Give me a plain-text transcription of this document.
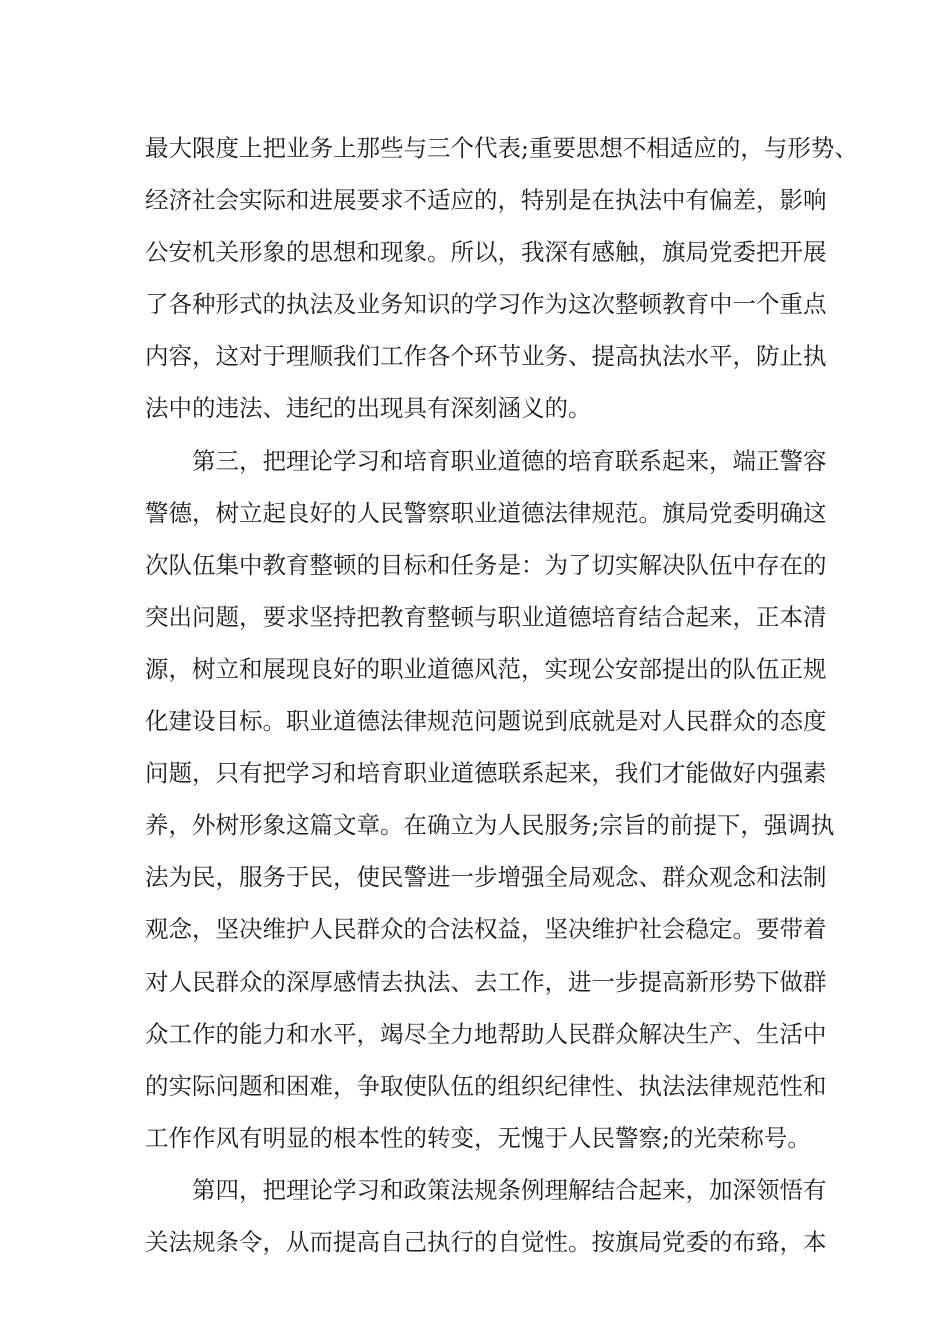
最大限度上把业务上那些与三个代表;重要思想不相适应的，与形势、
经济社会实际和进展要求不适应的，特别是在执法中有偏差，影响
公安机关形象的思想和现象。所以，我深有感触，旗局党委把开展
了各种形式的执法及业务知识的学习作为这次整顿教育中一个重点
内容，这对于理顺我们工作各个环节业务、提高执法水平，防止执
法中的违法、违纪的出现具有深刻涵义的。
第三，把理论学习和培育职业道德的培育联系起来，端正警容
警德，树立起良好的人民警察职业道德法律规范。旗局党委明确这
次队伍集中教育整顿的目标和任务是：为了切实解决队伍中存在的
突出问题，要求坚持把教育整顿与职业道德培育结合起来，正本清
源，树立和展现良好的职业道德风范，实现公安部提出的队伍正规
化建设目标。职业道德法律规范问题说到底就是对人民群众的态度
问题，只有把学习和培育职业道德联系起来，我们才能做好内强素
养，外树形象这篇文章。在确立为人民服务;宗旨的前提下，强调执
法为民，服务于民，使民警进一步增强全局观念、群众观念和法制
观念，坚决维护人民群众的合法权益，坚决维护社会稳定。要带着
对人民群众的深厚感情去执法、去工作，进一步提高新形势下做群
众工作的能力和水平，竭尽全力地帮助人民群众解决生产、生活中
的实际问题和困难，争取使队伍的组织纪律性、执法法律规范性和
工作作风有明显的根本性的转变，无愧于人民警察;的光荣称号。
第四，把理论学习和政策法规条例理解结合起来，加深领悟有
关法规条令，从而提高自己执行的自觉性。按旗局党委的布臵，本
